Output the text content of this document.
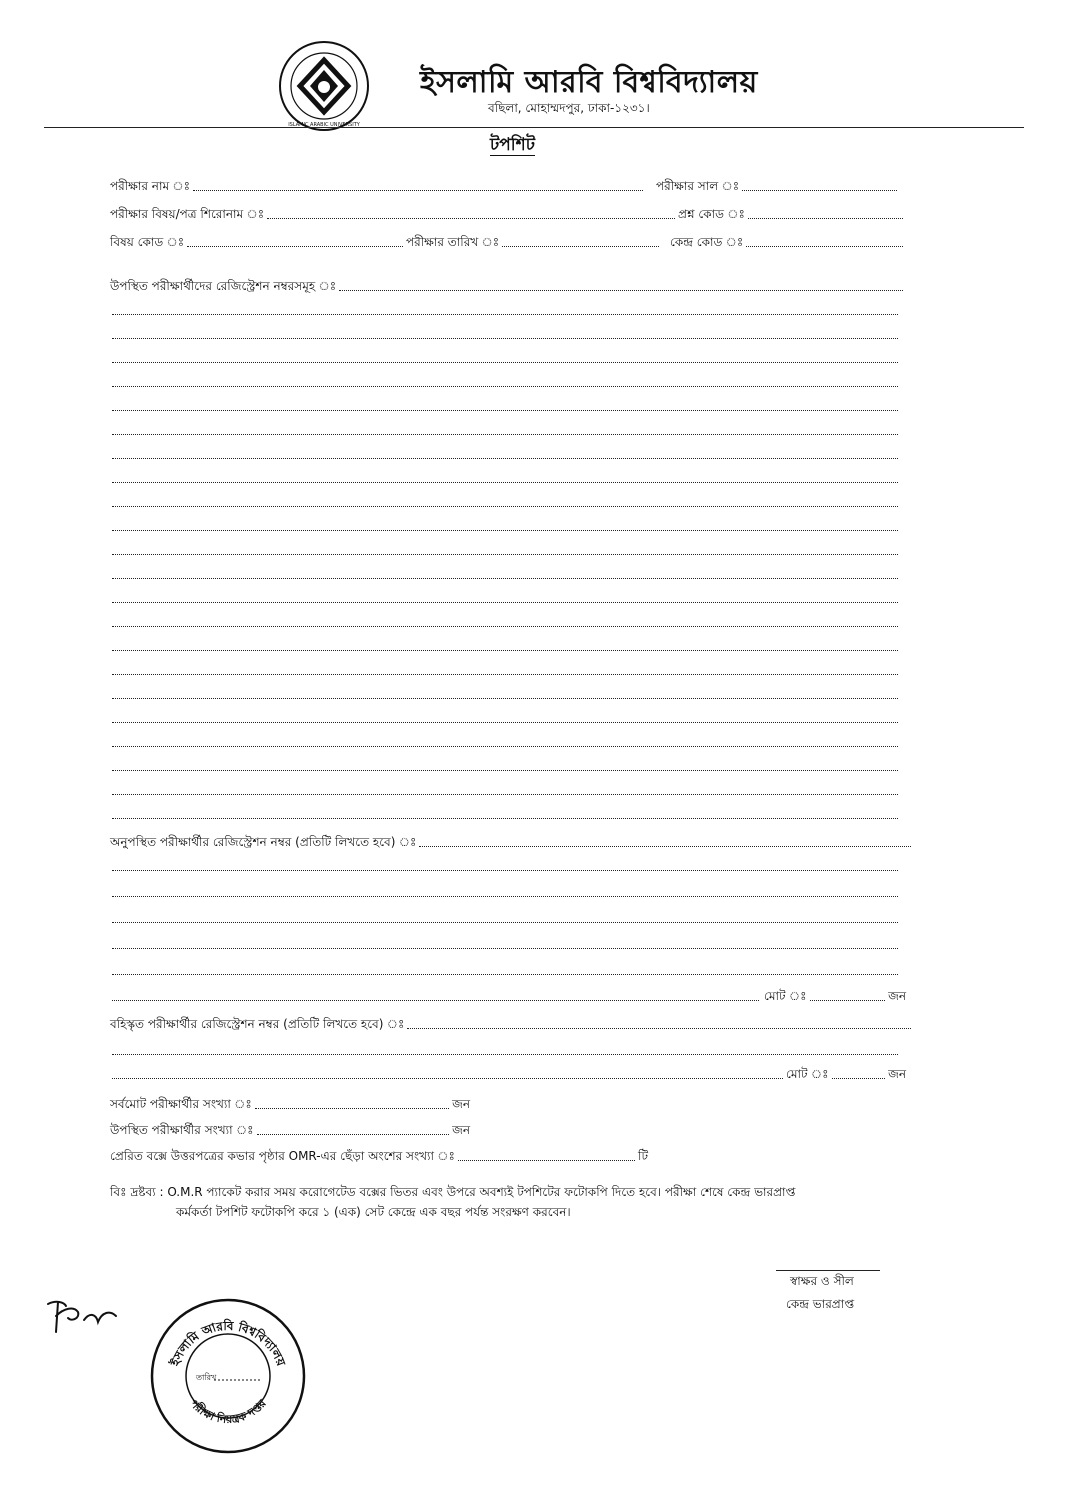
ISLAMIC ARABIC UNIVERSITY
ইসলামি আরবি বিশ্ববিদ্যালয়
বছিলা, মোহাম্মদপুর, ঢাকা-১২৩১।
টপশিট
পরীক্ষার নাম ঃ	পরীক্ষার সাল ঃ
পরীক্ষার বিষয়/পত্র শিরোনাম ঃ	প্রশ্ন কোড ঃ
বিষয় কোড ঃ	পরীক্ষার তারিখ ঃ	কেন্দ্র কোড ঃ
উপস্থিত পরীক্ষার্থীদের রেজিস্ট্রেশন নম্বরসমূহ ঃ
অনুপস্থিত পরীক্ষার্থীর রেজিস্ট্রেশন নম্বর (প্রতিটি লিখতে হবে) ঃ
মোট ঃ	জন
বহিস্কৃত পরীক্ষার্থীর রেজিস্ট্রেশন নম্বর (প্রতিটি লিখতে হবে) ঃ
মোট ঃ	জন
সর্বমোট পরীক্ষার্থীর সংখ্যা ঃ	জন
উপস্থিত পরীক্ষার্থীর সংখ্যা ঃ	জন
প্রেরিত বক্সে উত্তরপত্রের কভার পৃষ্ঠার OMR-এর ছেঁড়া অংশের সংখ্যা ঃ	টি
বিঃ দ্রষ্টব্য : O.M.R প্যাকেট করার সময় করোগেটেড বক্সের ভিতর এবং উপরে অবশ্যই টপশিটের ফটোকপি দিতে হবে। পরীক্ষা শেষে কেন্দ্র ভারপ্রাপ্ত
কর্মকর্তা টপশিট ফটোকপি করে ১ (এক) সেট কেন্দ্রে এক বছর পর্যন্ত সংরক্ষণ করবেন।
স্বাক্ষর ও সীল
কেন্দ্র ভারপ্রাপ্ত
ইসলামি আরবি বিশ্ববিদ্যালয়
পরীক্ষা নিয়ন্ত্রক দপ্তর
তারিখ
